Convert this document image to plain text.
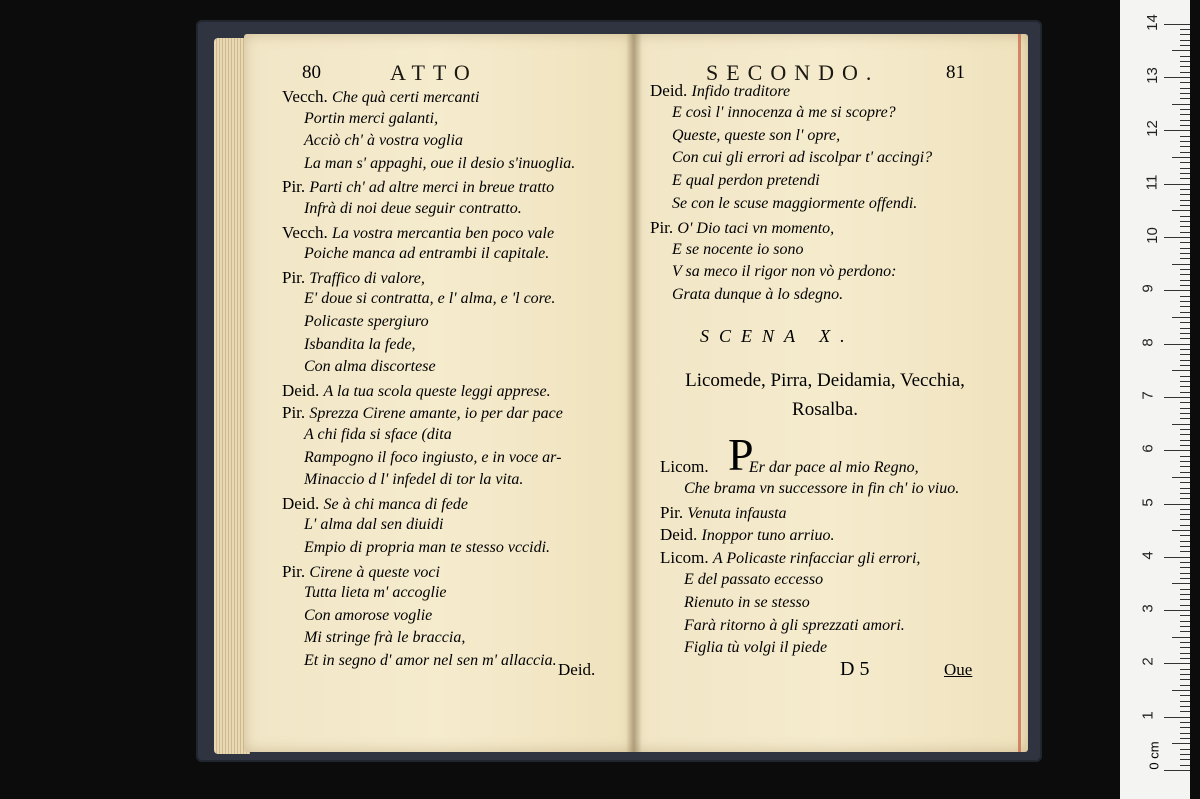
80	ATTO	SECONDO.	81
Vecch. Che quà certi mercanti
Portin merci galanti,
Acciò ch' à vostra voglia
La man s' appaghi, oue il desio s'inuoglia.
Pir. Parti ch' ad altre merci in breue tratto
Infrà di noi deue seguir contratto.
Vecch. La vostra mercantia ben poco vale
Poiche manca ad entrambi il capitale.
Pir. Traffico di valore,
E' doue si contratta, e l' alma, e 'l core.
Policaste spergiuro
Isbandita la fede,
Con alma discortese
Deid. A la tua scola queste leggi apprese.
Pir. Sprezza Cirene amante, io per dar pace
A chi fida si sface (dita
Rampogno il foco ingiusto, e in voce ar-
Minaccio d l' infedel di tor la vita.
Deid. Se à chi manca di fede
L' alma dal sen diuidi
Empio di propria man te stesso vccidi.
Pir. Cirene à queste voci
Tutta lieta m' accoglie
Con amorose voglie
Mi stringe frà le braccia,
Et in segno d' amor nel sen m' allaccia. Deid.
Deid. Infido traditore
E così l' innocenza à me si scopre?
Queste, queste son l' opre,
Con cui gli errori ad iscolpar t' accingi?
E qual perdon pretendi
Se con le scuse maggiormente offendi.
Pir. O' Dio taci vn momento,
E se nocente io sono
V sa meco il rigor non vò perdono:
Grata dunque à lo sdegno.
SCENA X.
Licomede, Pirra, Deidamia, Vecchia,
Rosalba.
P
Licom. Er dar pace al mio Regno,
Che brama vn successore in fin ch' io viuo.
Pir. Venuta infausta
Deid. Inoppor tuno arriuo.
Licom. A Policaste rinfacciar gli errori,
E del passato eccesso
Rienuto in se stesso
Farà ritorno à gli sprezzati amori.
Figlia tù volgi il piede
D 5	Oue
14
13
12
11
10
9
8
7
6
5
4
3
2
1
0 cm
